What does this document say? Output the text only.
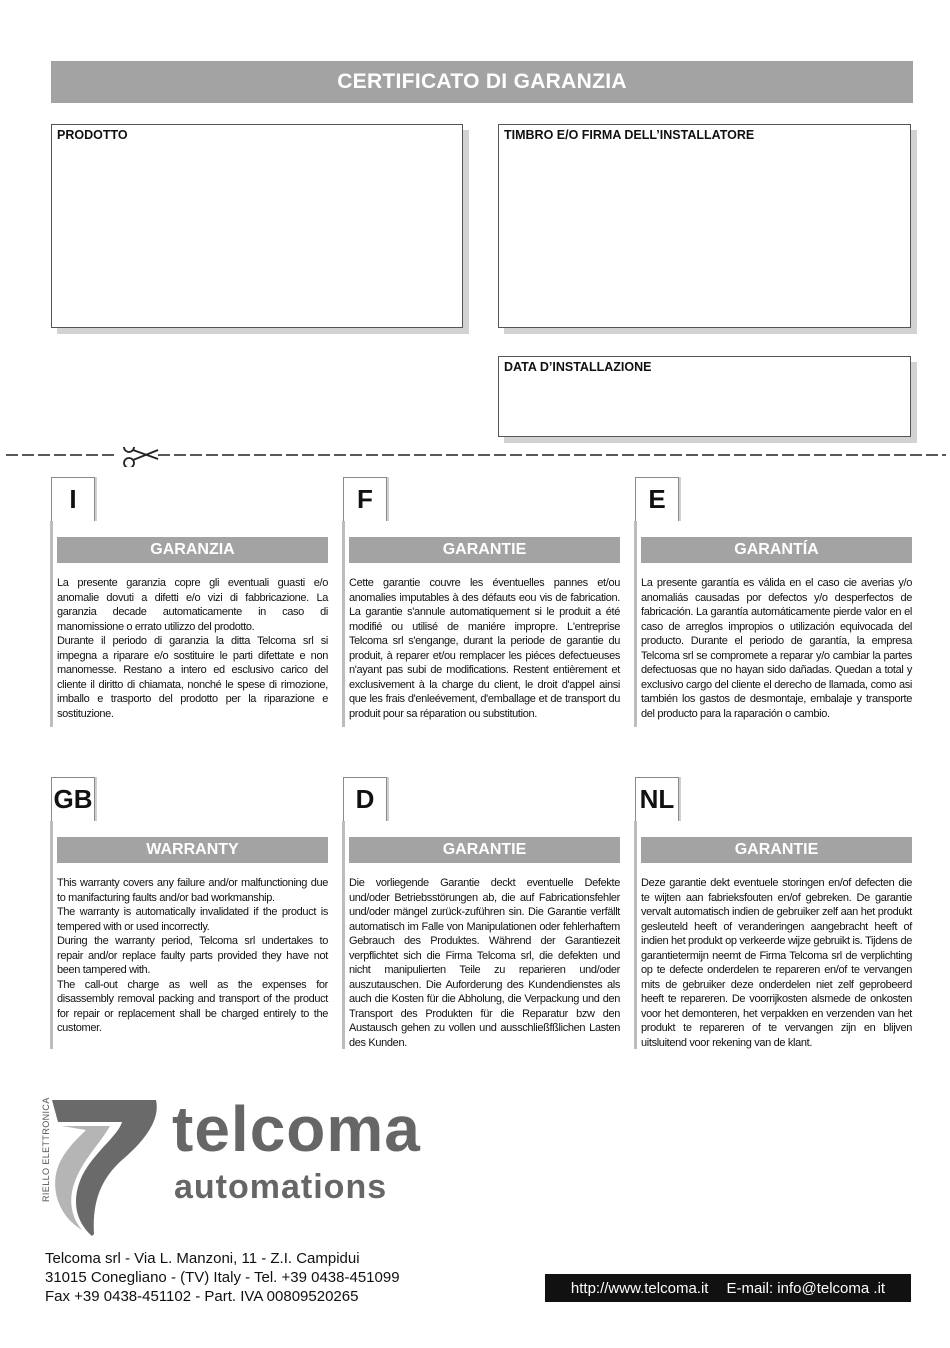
CERTIFICATO DI GARANZIA
PRODOTTO	TIMBRO E/O FIRMA DELL’INSTALLATORE
DATA D’INSTALLAZIONE
I
GARANZIA
La presente garanzia copre gli eventuali guasti e/o anomalie dovuti a difetti e/o vizi di fabbricazione. La garanzia decade automaticamente in caso di manomissione o errato utilizzo del prodotto.
Durante il periodo di garanzia la ditta Telcoma srl si impegna a riparare e/o sostituire le parti difettate e non manomesse. Restano a intero ed esclusivo carico del cliente il diritto di chiamata, nonché le spese di rimozione, imballo e trasporto del prodotto per la riparazione e sostituzione.
F
GARANTIE
Cette garantie couvre les éventuelles pannes et/ou anomalies imputables à des défauts eou vis de fabrication. La garantie s'annule automatiquement si le produit a été modifié ou utilisé de maniére impropre. L'entreprise Telcoma srl s'engange, durant la periode de garantie du produit, à reparer et/ou remplacer les piéces defectueuses n'ayant pas subi de modifications. Restent entièrement et exclusivement à la charge du client, le droit d'appel ainsi que les frais d'enleévement, d'emballage et de transport du produit pour sa réparation ou substitution.
E
GARANTÍA
La presente garantía es válida en el caso cie averias y/o anomaliás causadas por defectos y/o desperfectos de fabricación. La garantía automáticamente pierde valor en el caso de arreglos impropios o utilización equivocada del producto. Durante el periodo de garantía, la empresa Telcoma srl se compromete a reparar y/o cambiar la partes defectuosas que no hayan sido dañadas. Quedan a total y exclusivo cargo del cliente el derecho de llamada, como asi también los gastos de desmontaje, embalaje y transporte del producto para la raparación o cambio.
GB
WARRANTY
This warranty covers any failure and/or malfunctioning due to manifacturing faults and/or bad workmanship.
The warranty is automatically invalidated if the product is tempered with or used incorrectly.
During the warranty period, Telcoma srl undertakes to repair and/or replace faulty parts provided they have not been tampered with.
The call-out charge as well as the expenses for disassembly removal packing and transport of the product for repair or replacement shall be charged entirely to the customer.
D
GARANTIE
Die vorliegende Garantie deckt eventuelle Defekte und/oder Betriebsstörungen ab, die auf Fabricationsfehler und/oder mängel zurück-zuführen sin. Die Garantie verfällt automatisch im Falle von Manipulationen oder fehlerhaftem Gebrauch des Produktes. Während der Garantiezeit verpflichtet sich die Firma Telcoma srl, die defekten und nicht manipulierten Teile zu reparieren und/oder auszutauschen. Die Auforderung des Kundendienstes als auch die Kosten für die Abholung, die Verpackung und den Transport des Produkten für die Reparatur bzw den Austausch gehen zu vollen und ausschließfßlichen Lasten des Kunden.
NL
GARANTIE
Deze garantie dekt eventuele storingen en/of defecten die te wijten aan fabrieksfouten en/of gebreken. De garantie vervalt automatisch indien de gebruiker zelf aan het produkt gesleuteld heeft of veranderingen aangebracht heeft of indien het produkt op verkeerde wijze gebruikt is. Tijdens de garantietermijn neemt de Firma Telcoma srl de verplichting op te defecte onderdelen te repareren en/of te vervangen mits de gebruiker deze onderdelen niet zelf geprobeerd heeft te repareren. De voorrijkosten alsmede de onkosten voor het demonteren, het verpakken en verzenden van het produkt te repareren of te vervangen zijn en blijven uitsluitend voor rekening van de klant.
RIELLO ELETTRONICA telcoma
automations
Telcoma srl - Via L. Manzoni, 11 - Z.I. Campidui
31015 Conegliano - (TV) Italy - Tel. +39 0438-451099
Fax +39 0438-451102 - Part. IVA 00809520265	http://www.telcoma.it E-mail: info@telcoma .it
